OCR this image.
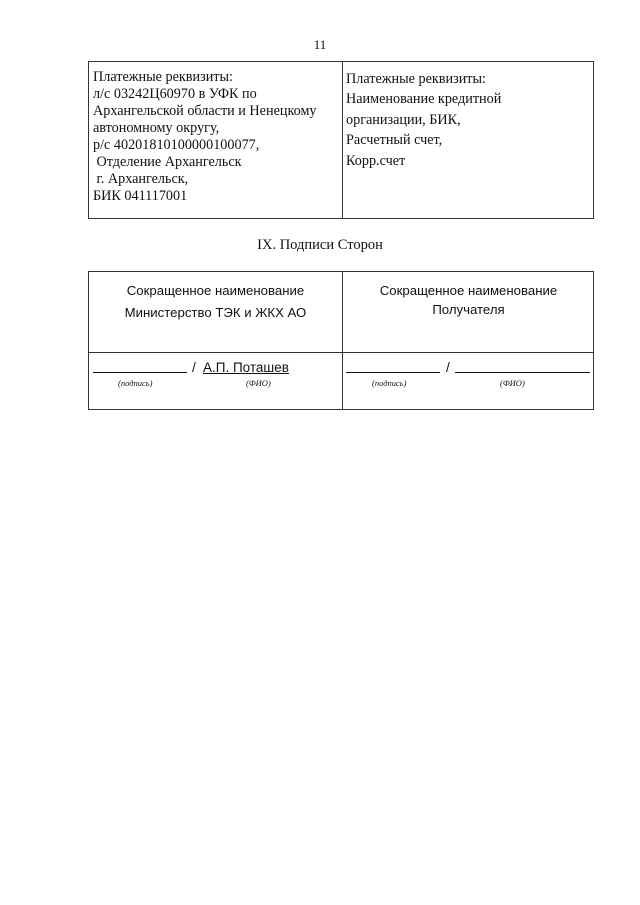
11
Платежные реквизиты:
л/с 03242Ц60970 в УФК по
Архангельской области и Ненецкому
автономному округу,
р/с 40201810100000100077,
Отделение Архангельск
г. Архангельск,
БИК 041117001
Платежные реквизиты:
Наименование кредитной
организации, БИК,
Расчетный счет,
Корр.счет
IX. Подписи Сторон
Сокращенное наименование
Министерство ТЭК и ЖКХ АО
Сокращенное наименование
Получателя
/ А.П. Поташев
(подпись)	(ФИО)
/
(подпись)	(ФИО)
